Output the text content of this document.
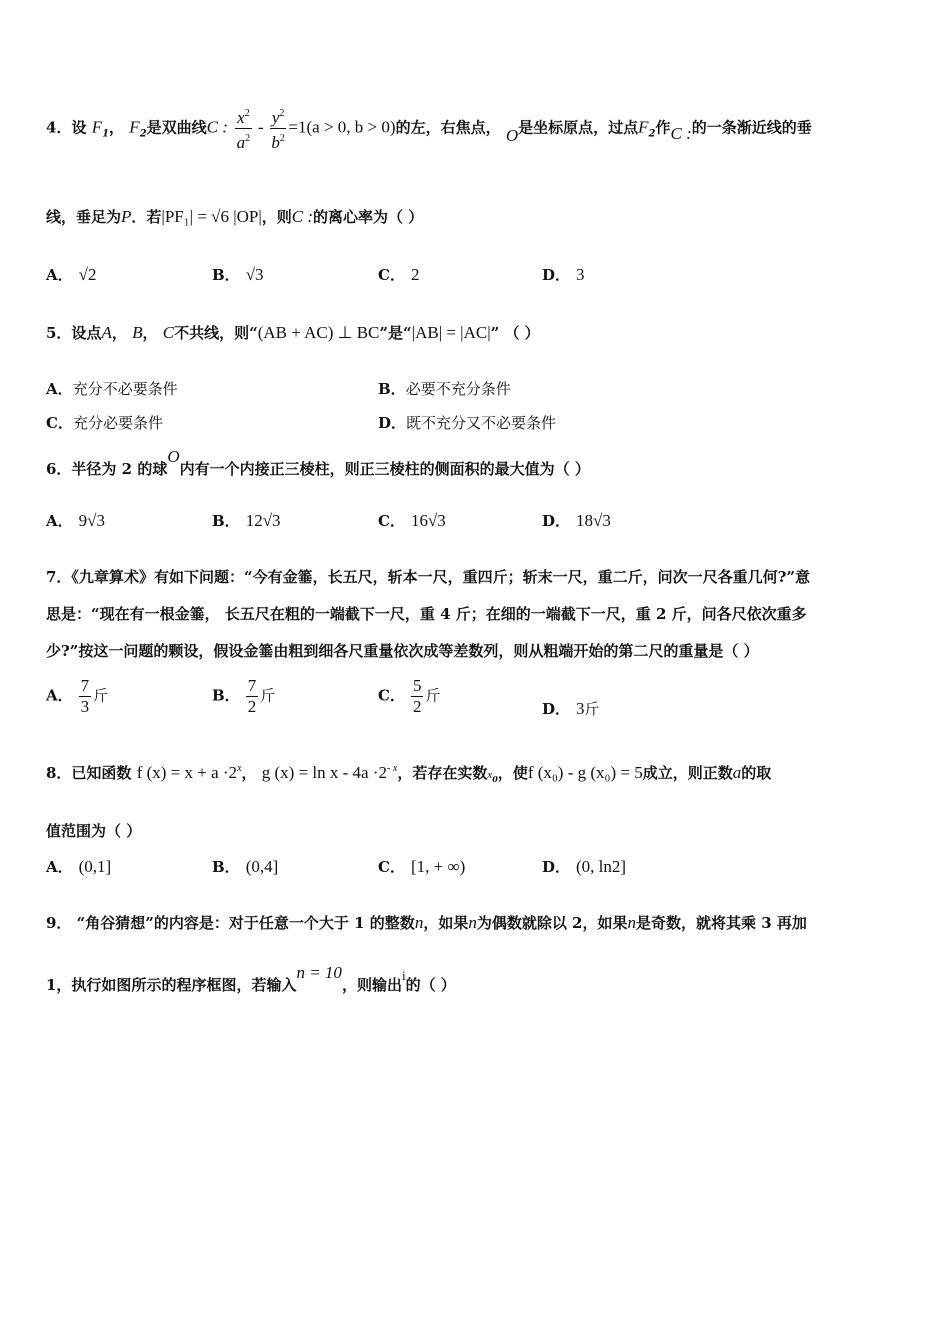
4．设 $F_1$， $F_2$是双曲线C : $\frac{x^2}{a^2} - \frac{y^2}{b^2} =1(a > 0$, b > 0)的左，右焦点， O是坐标原点，过点$F_2$作C :的一条渐近线的垂
线，垂足为P．若|PF₁| = √6 |OP|，则C :的离心率为（ ）
A． √2	B． √3	C． 2	D． 3
5．设点A， B， C不共线，则“(AB + AC) ⊥ BC”是“|AB| = |AC|” （ ）
A．充分不必要条件	B．必要不充分条件
C．充分必要条件	D．既不充分又不必要条件
6．半径为 2 的球O内有一个内接正三棱柱，则正三棱柱的侧面积的最大值为（ ）
A． 9√3	B． 12√3	C． 16√3	D． 18√3
7．《九章算术》有如下问题：“今有金箠，长五尺，斩本一尺，重四斤；斩末一尺，重二斤，问次一尺各重几何?”意
思是：“现在有一根金箠， 长五尺在粗的一端截下一尺，重 4 斤；在细的一端截下一尺，重 2 斤，问各尺依次重多
少?”按这一问题的颗设，假设金箠由粗到细各尺重量依次成等差数列，则从粗端开始的第二尺的重量是（ ）
A． $\frac{7}{3}$ 斤	B． $\frac{7}{2}$ 斤	C． $\frac{5}{2}$ 斤
D． 3斤
8．已知函数 f $(x) = x + a \cdot 2^x$， g $(x) = \ln x - 4a \cdot 2^{- x}$，若存在实数$x_0$，使f (x₀) - g (x₀) = 5成立，则正数a的取
值范围为（ ）
A． (0,1]	B． (0,4]	C． [1, + ∞)	D． (0, ln2]
9． “角谷猜想”的内容是：对于任意一个大于 1 的整数n，如果n为偶数就除以 2，如果n是奇数，就将其乘 3 再加
1，执行如图所示的程序框图，若输入n = 10，则输出i的（ ）
